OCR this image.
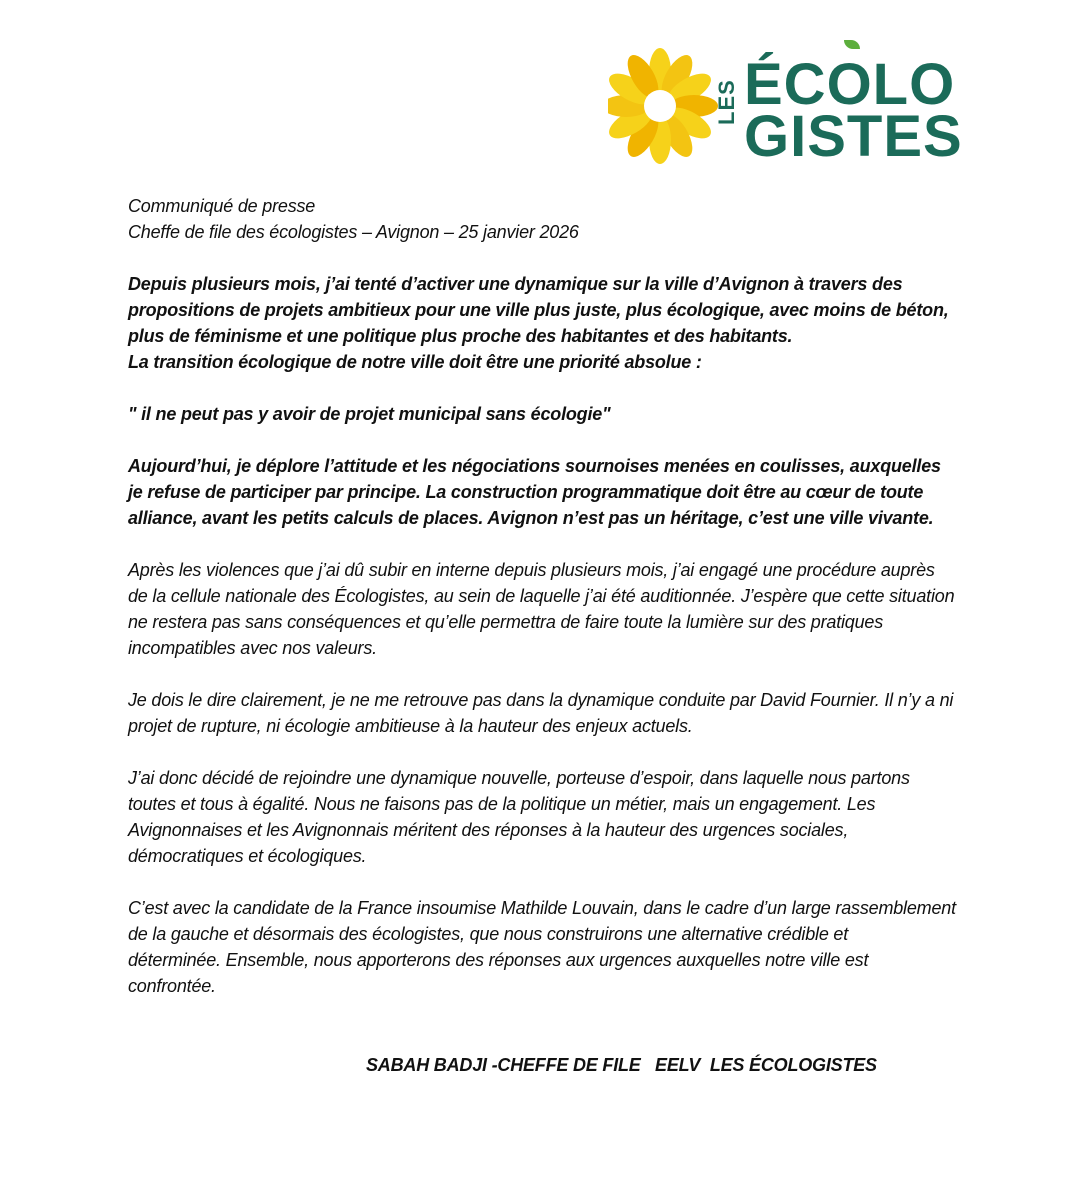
LES ÉCOLO
GISTES

Communiqué de presse

Cheffe de file des écologistes – Avignon – 25 janvier 2026

Depuis plusieurs mois, j’ai tenté d’activer une dynamique sur la ville d’Avignon à travers des propositions de projets ambitieux pour une ville plus juste, plus écologique, avec moins de béton, plus de féminisme et une politique plus proche des habitantes et des habitants.

La transition écologique de notre ville doit être une priorité absolue :

" il ne peut pas y avoir de projet municipal sans écologie"

Aujourd’hui, je déplore l’attitude et les négociations sournoises menées en coulisses, auxquelles je refuse de participer par principe. La construction programmatique doit être au cœur de toute alliance, avant les petits calculs de places. Avignon n’est pas un héritage, c’est une ville vivante.

Après les violences que j’ai dû subir en interne depuis plusieurs mois, j’ai engagé une procédure auprès de la cellule nationale des Écologistes, au sein de laquelle j’ai été auditionnée. J’espère que cette situation ne restera pas sans conséquences et qu’elle permettra de faire toute la lumière sur des pratiques incompatibles avec nos valeurs.

Je dois le dire clairement, je ne me retrouve pas dans la dynamique conduite par David Fournier. Il n’y a ni projet de rupture, ni écologie ambitieuse à la hauteur des enjeux actuels.

J’ai donc décidé de rejoindre une dynamique nouvelle, porteuse d’espoir, dans laquelle nous partons toutes et tous à égalité. Nous ne faisons pas de la politique un métier, mais un engagement. Les Avignonnaises et les Avignonnais méritent des réponses à la hauteur des urgences sociales, démocratiques et écologiques.

C’est avec la candidate de la France insoumise Mathilde Louvain, dans le cadre d’un large rassemblement de la gauche et désormais des écologistes, que nous construirons une alternative crédible et

déterminée. Ensemble, nous apporterons des réponses aux urgences auxquelles notre ville est confrontée.

SABAH BADJI -CHEFFE DE FILE   EELV  LES ÉCOLOGISTES
